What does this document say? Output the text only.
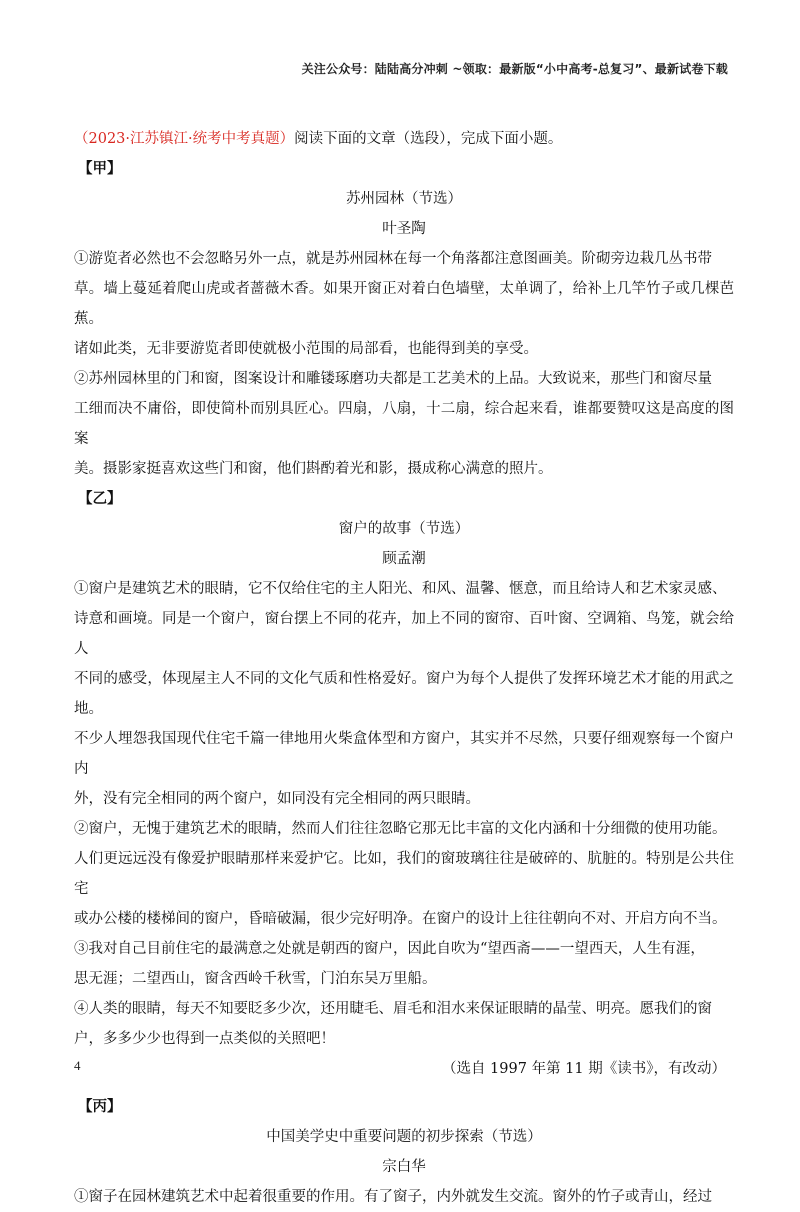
关注公众号：陆陆高分冲刺 ~领取：最新版“小中高考-总复习”、最新试卷下载

（2023·江苏镇江·统考中考真题）阅读下面的文章（选段），完成下面小题。

【甲】

苏州园林（节选）

叶圣陶

①游览者必然也不会忽略另外一点，就是苏州园林在每一个角落都注意图画美。阶砌旁边栽几丛书带
草。墙上蔓延着爬山虎或者蔷薇木香。如果开窗正对着白色墙壁，太单调了，给补上几竿竹子或几棵芭蕉。
诸如此类，无非要游览者即使就极小范围的局部看，也能得到美的享受。

②苏州园林里的门和窗，图案设计和雕镂琢磨功夫都是工艺美术的上品。大致说来，那些门和窗尽量
工细而决不庸俗，即使简朴而别具匠心。四扇，八扇，十二扇，综合起来看，谁都要赞叹这是高度的图案
美。摄影家挺喜欢这些门和窗，他们斟酌着光和影，摄成称心满意的照片。

【乙】

窗户的故事（节选）

顾孟潮

①窗户是建筑艺术的眼睛，它不仅给住宅的主人阳光、和风、温馨、惬意，而且给诗人和艺术家灵感、
诗意和画境。同是一个窗户，窗台摆上不同的花卉，加上不同的窗帘、百叶窗、空调箱、鸟笼，就会给人
不同的感受，体现屋主人不同的文化气质和性格爱好。窗户为每个人提供了发挥环境艺术才能的用武之地。
不少人埋怨我国现代住宅千篇一律地用火柴盒体型和方窗户，其实并不尽然，只要仔细观察每一个窗户内
外，没有完全相同的两个窗户，如同没有完全相同的两只眼睛。

②窗户，无愧于建筑艺术的眼睛，然而人们往往忽略它那无比丰富的文化内涵和十分细微的使用功能。
人们更远远没有像爱护眼睛那样来爱护它。比如，我们的窗玻璃往往是破碎的、肮脏的。特别是公共住宅
或办公楼的楼梯间的窗户，昏暗破漏，很少完好明净。在窗户的设计上往往朝向不对、开启方向不当。

③我对自己目前住宅的最满意之处就是朝西的窗户，因此自吹为“望西斋——一望西天，人生有涯，
思无涯；二望西山，窗含西岭千秋雪，门泊东吴万里船。

④人类的眼睛，每天不知要眨多少次，还用睫毛、眉毛和泪水来保证眼睛的晶莹、明亮。愿我们的窗
户，多多少少也得到一点类似的关照吧！

（选自 1997 年第 11 期《读书》，有改动）

【丙】

中国美学史中重要问题的初步探索（节选）

宗白华

①窗子在园林建筑艺术中起着很重要的作用。有了窗子，内外就发生交流。窗外的竹子或青山，经过

4
